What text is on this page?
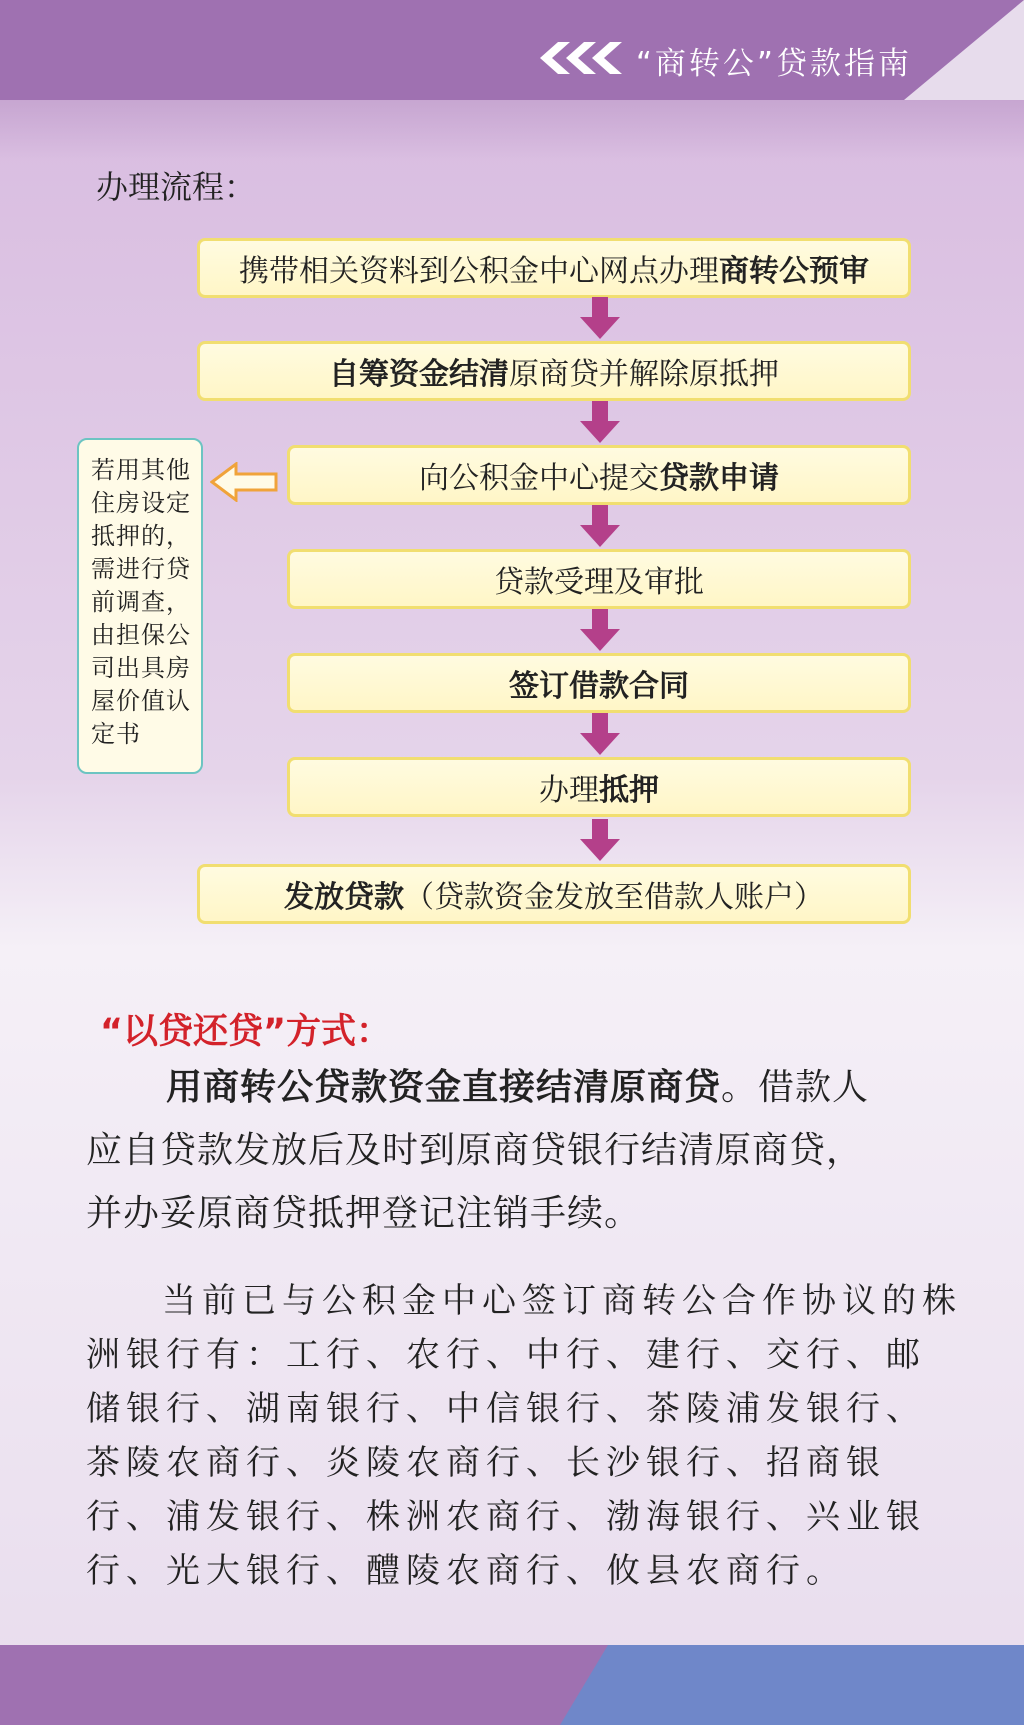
“商转公”贷款指南
办理流程：
携带相关资料到公积金中心网点办理 商转公预审
自筹资金结清 原商贷并解除原抵押
向公积金中心提交 贷款申请
贷款受理及审批
签订借款合同
办理 抵押
发放贷款 （贷款资金发放至借款人账户）
若用其他
住房设定
抵押的，
需进行贷
前调查，
由担保公
司出具房
屋价值认
定书
“以贷还贷”方式：
用商转公贷款资金直接结清原商贷。借款人
应自贷款发放后及时到原商贷银行结清原商贷，
并办妥原商贷抵押登记注销手续。
当前已与公积金中心签订商转公合作协议的株
洲银行有：工行、农行、中行、建行、交行、邮
储银行、湖南银行、中信银行、茶陵浦发银行、
茶陵农商行、炎陵农商行、长沙银行、招商银
行、浦发银行、株洲农商行、渤海银行、兴业银
行、光大银行、醴陵农商行、攸县农商行。
